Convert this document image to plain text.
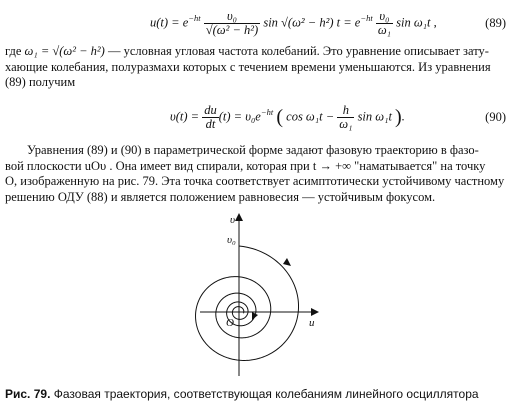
$u(t) = e^{-ht} \frac{\text{υ₀}}{\text{√(ω² − h²)}}$ sin √(ω² − h²) $t = e^{-ht} \frac{\text{υ₀}}{\text{ω₁}}$ sin ω₁t ,	(89)
где ω₁ = √(ω² − h²) — условная угловая частота колебаний. Это уравнение описывает зату-
хающие колебания, полуразмахи которых с течением времени уменьшаются. Из уравнения
(89) получим
$\upsilon(t) = \frac{du}{dt} (t) = \upsilon_0e^{-ht}$ ( $\cos \omega_1t - \frac{h}{\text{ω₁}}$ sin ω₁t ).	(90)
Уравнения (89) и (90) в параметрической форме задают фазовую траекторию в фазо-
вой плоскости uOυ . Она имеет вид спирали, которая при t → +∞ "наматывается" на точку
O, изображенную на рис. 79. Эта точка соответствует асимптотически устойчивому частному
решению ОДУ (88) и является положением равновесия — устойчивым фокусом.
υ
υ₀
u
O
Рис. 79. Фазовая траектория, соответствующая колебаниям линейного осциллятора
